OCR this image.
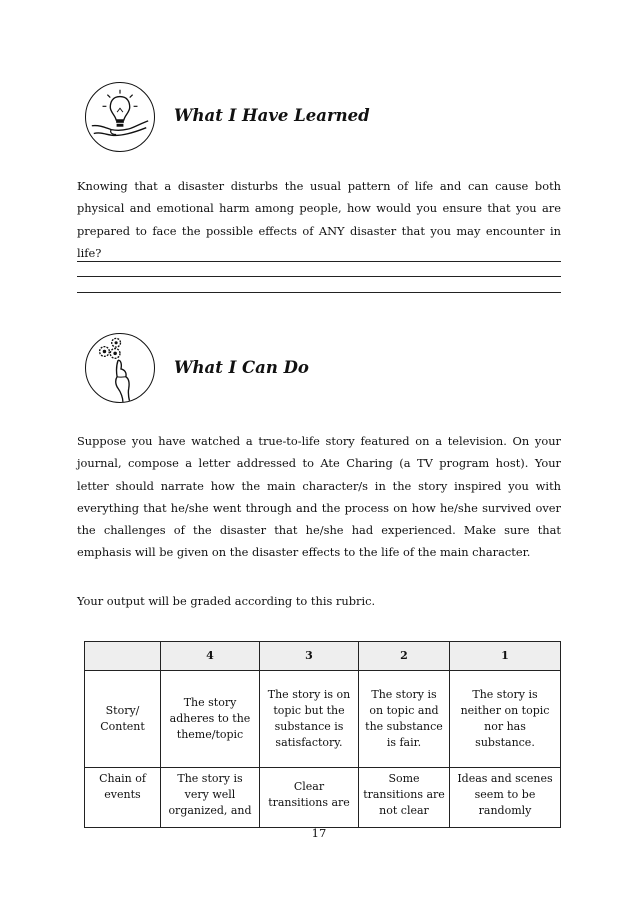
What I Have Learned

Knowing that a disaster disturbs the usual pattern of life and can cause both physical and emotional harm among people, how would you ensure that you are prepared to face the possible effects of ANY disaster that you may encounter in life?

What I Can Do

Suppose you have watched a true-to-life story featured on a television. On your journal, compose a letter addressed to Ate Charing (a TV program host). Your letter should narrate how the main character/s in the story inspired you with everything that he/she went through and the process on how he/she survived over the challenges of the disaster that he/she had experienced. Make sure that emphasis will be given on the disaster effects to the life of the main character.

Your output will be graded according to this rubric.

	4	3	2	1
Story/ Content	The story adheres to the theme/topic	The story is on topic but the substance is satisfactory.	The story is on topic and the substance is fair.	The story is neither on topic nor has substance.
Chain of events	The story is very well organized, and	Clear transitions are	Some transitions are not clear	Ideas and scenes seem to be randomly
17
